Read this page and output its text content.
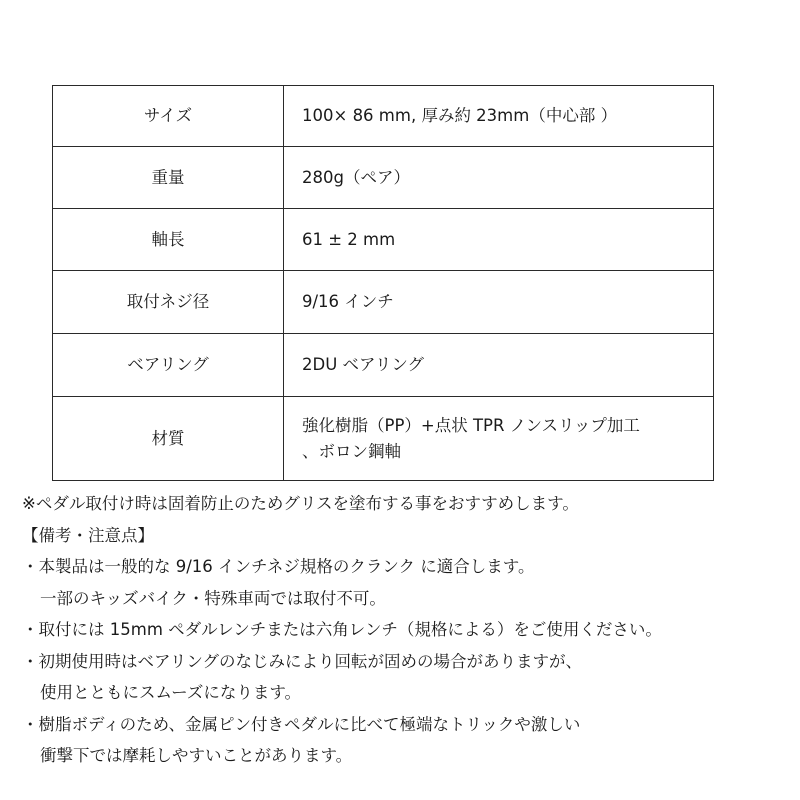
サイズ	100× 86 mm, 厚み約 23mm（中心部 ）
重量	280g（ペア）
軸長	61 ± 2 mm
取付ネジ径	9/16 インチ
ベアリング	2DU ベアリング
材質	強化樹脂（PP）+点状 TPR ノンスリップ加工
、ボロン鋼軸
※ペダル取付け時は固着防止のためグリスを塗布する事をおすすめします。
【備考・注意点】
・本製品は一般的な 9/16 インチネジ規格のクランク に適合します。
一部のキッズバイク・特殊車両では取付不可。
・取付には 15mm ペダルレンチまたは六角レンチ（規格による）をご使用ください。
・初期使用時はベアリングのなじみにより回転が固めの場合がありますが、
使用とともにスムーズになります。
・樹脂ボディのため、金属ピン付きペダルに比べて極端なトリックや激しい
衝撃下では摩耗しやすいことがあります。
